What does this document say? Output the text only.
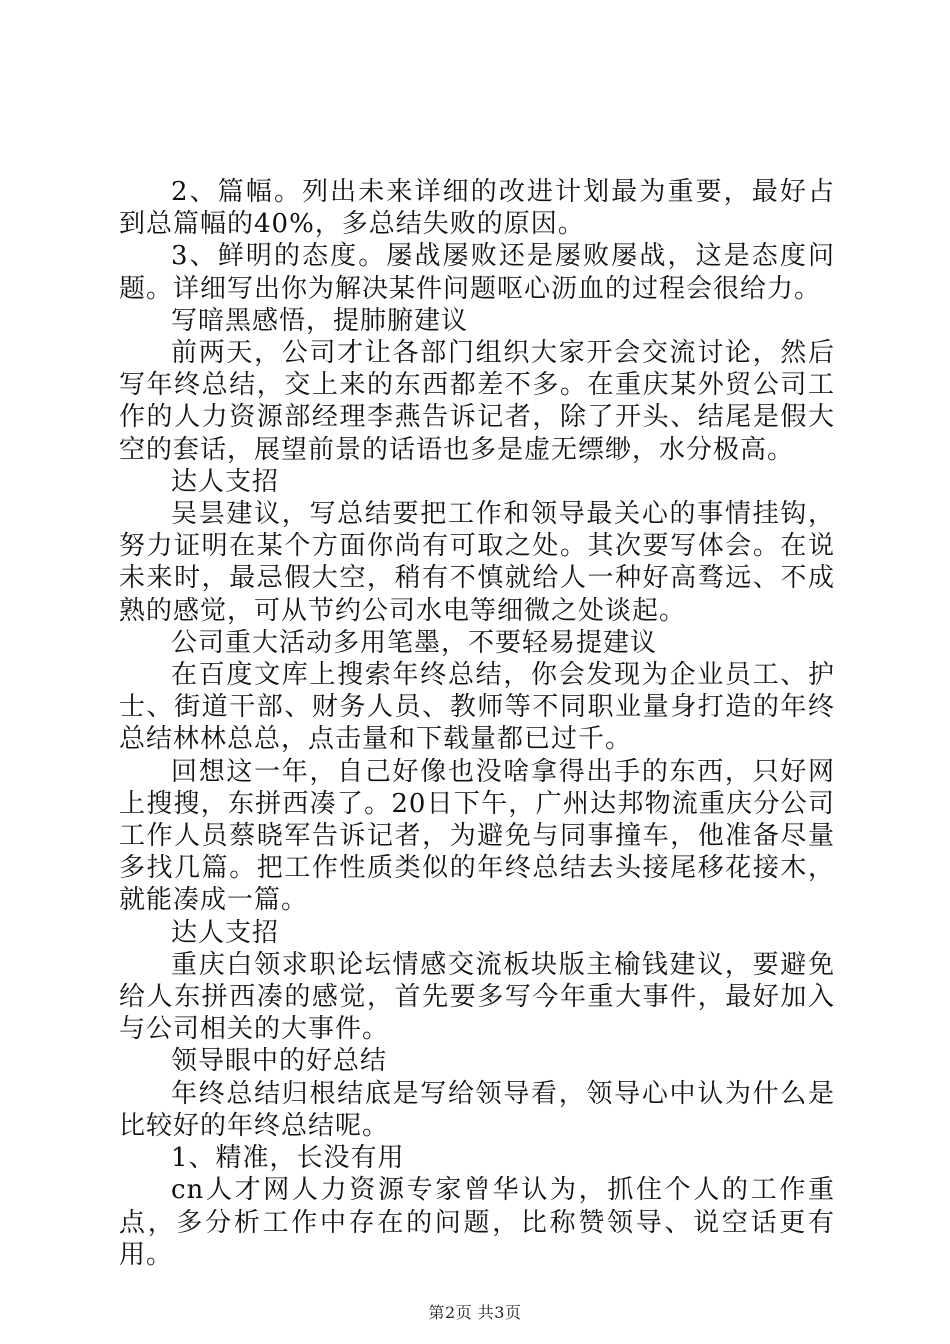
2、篇幅。列出未来详细的改进计划最为重要，最好占到总篇幅的40%，多总结失败的原因。

3、鲜明的态度。屡战屡败还是屡败屡战，这是态度问题。详细写出你为解决某件问题呕心沥血的过程会很给力。

写暗黑感悟，提肺腑建议

前两天，公司才让各部门组织大家开会交流讨论，然后写年终总结，交上来的东西都差不多。在重庆某外贸公司工作的人力资源部经理李燕告诉记者，除了开头、结尾是假大空的套话，展望前景的话语也多是虚无缥缈，水分极高。

达人支招

吴昙建议，写总结要把工作和领导最关心的事情挂钩，努力证明在某个方面你尚有可取之处。其次要写体会。在说未来时，最忌假大空，稍有不慎就给人一种好高骛远、不成熟的感觉，可从节约公司水电等细微之处谈起。

公司重大活动多用笔墨，不要轻易提建议

在百度文库上搜索年终总结，你会发现为企业员工、护士、街道干部、财务人员、教师等不同职业量身打造的年终总结林林总总，点击量和下载量都已过千。

回想这一年，自己好像也没啥拿得出手的东西，只好网上搜搜，东拼西凑了。20日下午，广州达邦物流重庆分公司工作人员蔡晓军告诉记者，为避免与同事撞车，他准备尽量多找几篇。把工作性质类似的年终总结去头接尾移花接木，就能凑成一篇。

达人支招

重庆白领求职论坛情感交流板块版主榆钱建议，要避免给人东拼西凑的感觉，首先要多写今年重大事件，最好加入与公司相关的大事件。

领导眼中的好总结

年终总结归根结底是写给领导看，领导心中认为什么是比较好的年终总结呢。

1、精准，长没有用

cn人才网人力资源专家曾华认为，抓住个人的工作重点，多分析工作中存在的问题，比称赞领导、说空话更有用。

第2页 共3页
